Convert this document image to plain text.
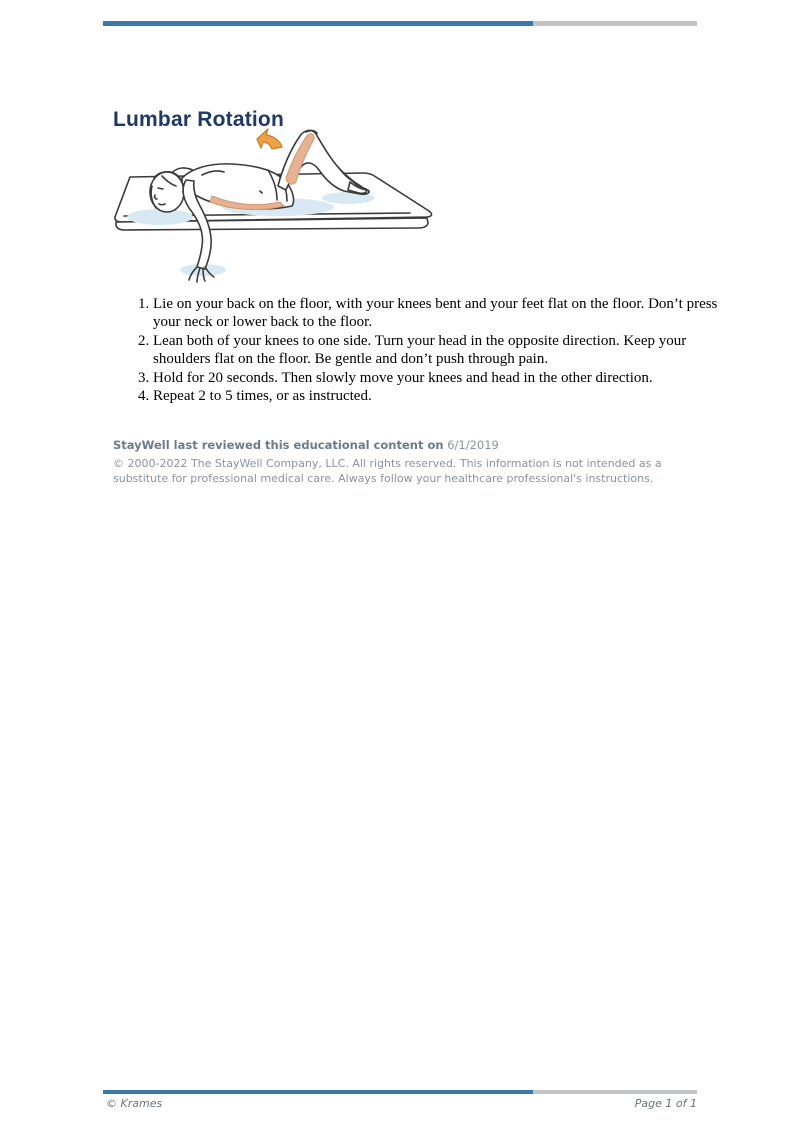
Lumbar Rotation
1. Lie on your back on the floor, with your knees bent and your feet flat on the floor. Don’t press your neck or lower back to the floor.
2. Lean both of your knees to one side. Turn your head in the opposite direction. Keep your shoulders flat on the floor. Be gentle and don’t push through pain.
3. Hold for 20 seconds. Then slowly move your knees and head in the other direction.
4. Repeat 2 to 5 times, or as instructed.
StayWell last reviewed this educational content on 6/1/2019
© 2000-2022 The StayWell Company, LLC. All rights reserved. This information is not intended as a substitute for professional medical care. Always follow your healthcare professional's instructions.
© Krames	Page 1 of 1
